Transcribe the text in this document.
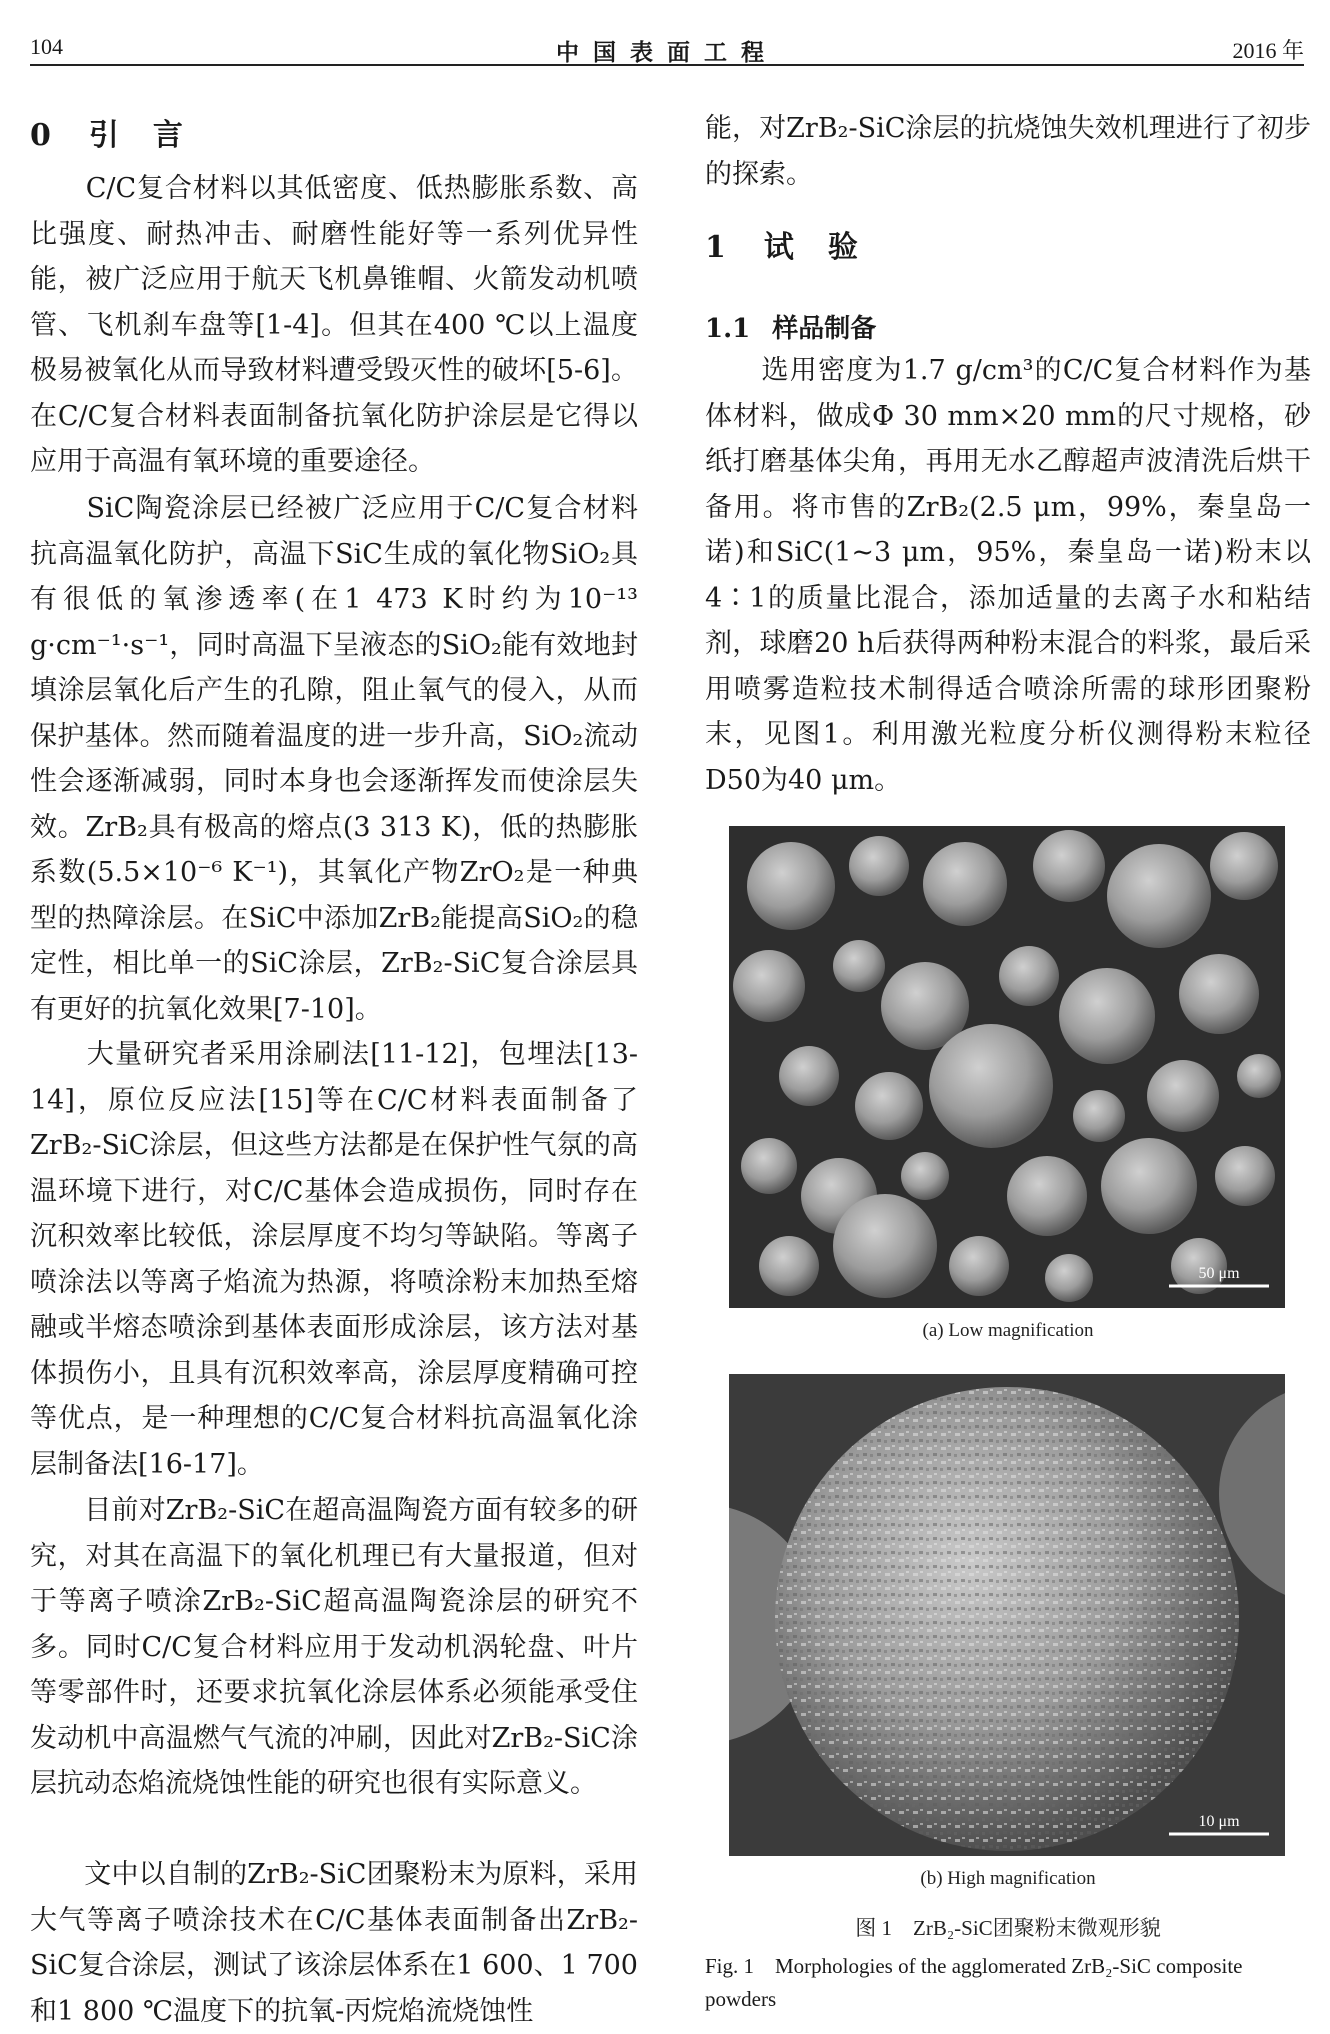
104	中国表面工程	2016 年
0 引　言
　　C/C复合材料以其低密度、低热膨胀系数、高比强度、耐热冲击、耐磨性能好等一系列优异性能，被广泛应用于航天飞机鼻锥帽、火箭发动机喷管、飞机刹车盘等[1-4]。但其在400 ℃以上温度极易被氧化从而导致材料遭受毁灭性的破坏[5-6]。在C/C复合材料表面制备抗氧化防护涂层是它得以应用于高温有氧环境的重要途径。
　　SiC陶瓷涂层已经被广泛应用于C/C复合材料抗高温氧化防护，高温下SiC生成的氧化物SiO₂具有很低的氧渗透率(在1 473 K时约为10⁻¹³ g·cm⁻¹·s⁻¹，同时高温下呈液态的SiO₂能有效地封填涂层氧化后产生的孔隙，阻止氧气的侵入，从而保护基体。然而随着温度的进一步升高，SiO₂流动性会逐渐减弱，同时本身也会逐渐挥发而使涂层失效。ZrB₂具有极高的熔点(3 313 K)，低的热膨胀系数(5.5×10⁻⁶ K⁻¹)，其氧化产物ZrO₂是一种典型的热障涂层。在SiC中添加ZrB₂能提高SiO₂的稳定性，相比单一的SiC涂层，ZrB₂-SiC复合涂层具有更好的抗氧化效果[7-10]。
　　大量研究者采用涂刷法[11-12]，包埋法[13-14]，原位反应法[15]等在C/C材料表面制备了ZrB₂-SiC涂层，但这些方法都是在保护性气氛的高温环境下进行，对C/C基体会造成损伤，同时存在沉积效率比较低，涂层厚度不均匀等缺陷。等离子喷涂法以等离子焰流为热源，将喷涂粉末加热至熔融或半熔态喷涂到基体表面形成涂层，该方法对基体损伤小，且具有沉积效率高，涂层厚度精确可控等优点，是一种理想的C/C复合材料抗高温氧化涂层制备法[16-17]。
　　目前对ZrB₂-SiC在超高温陶瓷方面有较多的研究，对其在高温下的氧化机理已有大量报道，但对于等离子喷涂ZrB₂-SiC超高温陶瓷涂层的研究不多。同时C/C复合材料应用于发动机涡轮盘、叶片等零部件时，还要求抗氧化涂层体系必须能承受住发动机中高温燃气气流的冲刷，因此对ZrB₂-SiC涂层抗动态焰流烧蚀性能的研究也很有实际意义。
　　文中以自制的ZrB₂-SiC团聚粉末为原料，采用大气等离子喷涂技术在C/C基体表面制备出ZrB₂-SiC复合涂层，测试了该涂层体系在1 600、1 700和1 800 ℃温度下的抗氧-丙烷焰流烧蚀性
能，对ZrB₂-SiC涂层的抗烧蚀失效机理进行了初步的探索。
1 试　验
1.1 样品制备
　　选用密度为1.7 g/cm³的C/C复合材料作为基体材料，做成Φ 30 mm×20 mm的尺寸规格，砂纸打磨基体尖角，再用无水乙醇超声波清洗后烘干备用。将市售的ZrB₂(2.5 μm，99%，秦皇岛一诺)和SiC(1~3 μm，95%，秦皇岛一诺)粉末以4∶1的质量比混合，添加适量的去离子水和粘结剂，球磨20 h后获得两种粉末混合的料浆，最后采用喷雾造粒技术制得适合喷涂所需的球形团聚粉末，见图1。利用激光粒度分析仪测得粉末粒径D50为40 μm。
50 μm
(a) Low magnification
10 μm
(b) High magnification
图 1　ZrB₂-SiC团聚粉末微观形貌
Fig. 1　Morphologies of the agglomerated ZrB₂-SiC composite powders
